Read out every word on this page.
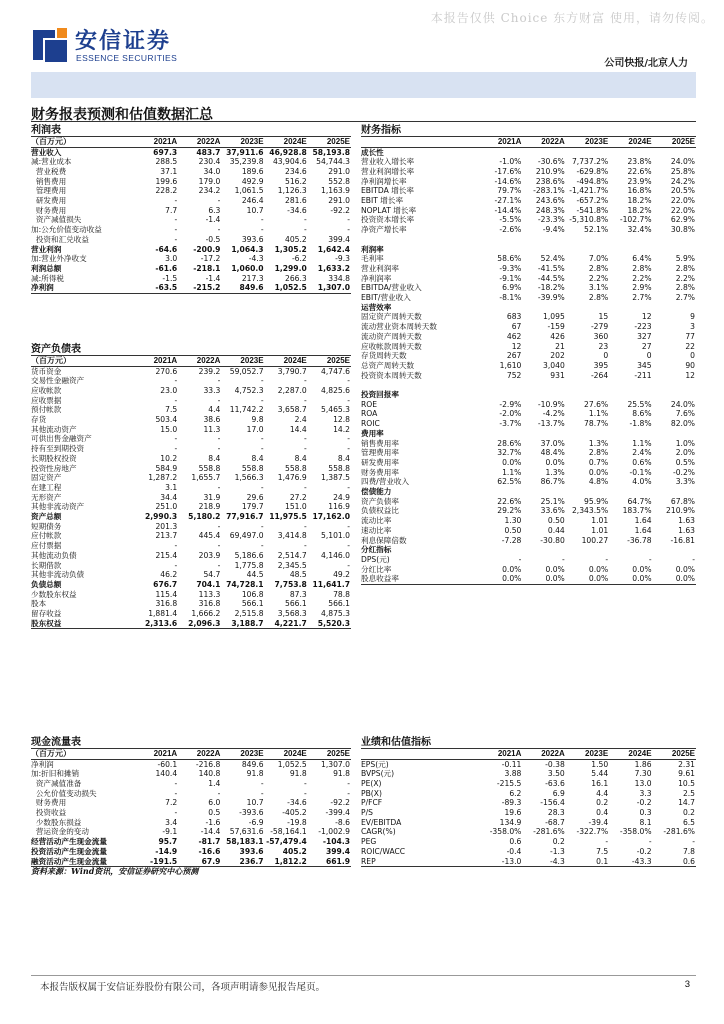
本报告仅供 Choice 东方财富 使用，请勿传阅。
安信证券
ESSENCE SECURITIES	公司快报/北京人力
财务报表预测和估值数据汇总
利润表					
（百万元）	2021A	2022A	2023E	2024E	2025E
营业收入	697.3	483.7	37,911.6	46,928.8	58,193.8
减:营业成本	288.5	230.4	35,239.8	43,904.6	54,744.3
营业税费	37.1	34.0	189.6	234.6	291.0
销售费用	199.6	179.0	492.9	516.2	552.8
管理费用	228.2	234.2	1,061.5	1,126.3	1,163.9
研发费用	-	-	246.4	281.6	291.0
财务费用	7.7	6.3	10.7	-34.6	-92.2
资产减值损失	-	-1.4	-	-	-
加:公允价值变动收益	-	-	-	-	-
投资和汇兑收益	-	-0.5	393.6	405.2	399.4
营业利润	-64.6	-200.9	1,064.3	1,305.2	1,642.4
加:营业外净收支	3.0	-17.2	-4.3	-6.2	-9.3
利润总额	-61.6	-218.1	1,060.0	1,299.0	1,633.2
减:所得税	-1.5	-1.4	217.3	266.3	334.8
净利润	-63.5	-215.2	849.6	1,052.5	1,307.0
资产负债表					
（百万元）	2021A	2022A	2023E	2024E	2025E
货币资金	270.6	239.2	59,052.7	3,790.7	4,747.6
交易性金融资产	-	-	-	-	-
应收帐款	23.0	33.3	4,752.3	2,287.0	4,825.6
应收票据	-	-	-	-	-
预付帐款	7.5	4.4	11,742.2	3,658.7	5,465.3
存货	503.4	38.6	9.8	2.4	12.8
其他流动资产	15.0	11.3	17.0	14.4	14.2
可供出售金融资产	-	-	-	-	-
持有至到期投资	-	-	-	-	-
长期股权投资	10.2	8.4	8.4	8.4	8.4
投资性房地产	584.9	558.8	558.8	558.8	558.8
固定资产	1,287.2	1,655.7	1,566.3	1,476.9	1,387.5
在建工程	3.1	-	-	-	-
无形资产	34.4	31.9	29.6	27.2	24.9
其他非流动资产	251.0	218.9	179.7	151.0	116.9
资产总额	2,990.3	5,180.2	77,916.7	11,975.5	17,162.0
短期债务	201.3	-	-	-	-
应付帐款	213.7	445.4	69,497.0	3,414.8	5,101.0
应付票据	-	-	-	-	-
其他流动负债	215.4	203.9	5,186.6	2,514.7	4,146.0
长期借款	-	-	1,775.8	2,345.5	-
其他非流动负债	46.2	54.7	44.5	48.5	49.2
负债总额	676.7	704.1	74,728.1	7,753.8	11,641.7
少数股东权益	115.4	113.3	106.8	87.3	78.8
股本	316.8	316.8	566.1	566.1	566.1
留存收益	1,881.4	1,666.2	2,515.8	3,568.3	4,875.3
股东权益	2,313.6	2,096.3	3,188.7	4,221.7	5,520.3
财务指标					
	2021A	2022A	2023E	2024E	2025E
成长性					
营业收入增长率	-1.0%	-30.6%	7,737.2%	23.8%	24.0%
营业利润增长率	-17.6%	210.9%	-629.8%	22.6%	25.8%
净利润增长率	-14.6%	238.6%	-494.8%	23.9%	24.2%
EBITDA 增长率	79.7%	-283.1%	-1,421.7%	16.8%	20.5%
EBIT 增长率	-27.1%	243.6%	-657.2%	18.2%	22.0%
NOPLAT 增长率	-14.4%	248.3%	-541.8%	18.2%	22.0%
投资资本增长率	-5.5%	-23.3%	-5,310.8%	-102.7%	62.9%
净资产增长率	-2.6%	-9.4%	52.1%	32.4%	30.8%

利润率					
毛利率	58.6%	52.4%	7.0%	6.4%	5.9%
营业利润率	-9.3%	-41.5%	2.8%	2.8%	2.8%
净利润率	-9.1%	-44.5%	2.2%	2.2%	2.2%
EBITDA/营业收入	6.9%	-18.2%	3.1%	2.9%	2.8%
EBIT/营业收入	-8.1%	-39.9%	2.8%	2.7%	2.7%
运营效率					
固定资产周转天数	683	1,095	15	12	9
流动营业资本周转天数	67	-159	-279	-223	3
流动资产周转天数	462	426	360	327	77
应收帐款周转天数	12	21	23	27	22
存货周转天数	267	202	0	0	0
总资产周转天数	1,610	3,040	395	345	90
投资资本周转天数	752	931	-264	-211	12

投资回报率					
ROE	-2.9%	-10.9%	27.6%	25.5%	24.0%
ROA	-2.0%	-4.2%	1.1%	8.6%	7.6%
ROIC	-3.7%	-13.7%	78.7%	-1.8%	82.0%
费用率					
销售费用率	28.6%	37.0%	1.3%	1.1%	1.0%
管理费用率	32.7%	48.4%	2.8%	2.4%	2.0%
研发费用率	0.0%	0.0%	0.7%	0.6%	0.5%
财务费用率	1.1%	1.3%	0.0%	-0.1%	-0.2%
四费/营业收入	62.5%	86.7%	4.8%	4.0%	3.3%
偿债能力					
资产负债率	22.6%	25.1%	95.9%	64.7%	67.8%
负债权益比	29.2%	33.6%	2,343.5%	183.7%	210.9%
流动比率	1.30	0.50	1.01	1.64	1.63
速动比率	0.50	0.44	1.01	1.64	1.63
利息保障倍数	-7.28	-30.80	100.27	-36.78	-16.81
分红指标					
DPS(元)	-	-	-	-	-
分红比率	0.0%	0.0%	0.0%	0.0%	0.0%
股息收益率	0.0%	0.0%	0.0%	0.0%	0.0%
现金流量表					
（百万元）	2021A	2022A	2023E	2024E	2025E
净利润	-60.1	-216.8	849.6	1,052.5	1,307.0
加:折旧和摊销	140.4	140.8	91.8	91.8	91.8
资产减值准备	-	1.4	-	-	-
公允价值变动损失	-	-	-	-	-
财务费用	7.2	6.0	10.7	-34.6	-92.2
投资收益	-	0.5	-393.6	-405.2	-399.4
少数股东损益	3.4	-1.6	-6.9	-19.8	-8.6
营运资金的变动	-9.1	-14.4	57,631.6	-58,164.1	-1,002.9
经营活动产生现金流量	95.7	-81.7	58,183.1	-57,479.4	-104.3
投资活动产生现金流量	-14.9	-16.6	393.6	405.2	399.4
融资活动产生现金流量	-191.5	67.9	236.7	1,812.2	661.9
业绩和估值指标					
	2021A	2022A	2023E	2024E	2025E
EPS(元)	-0.11	-0.38	1.50	1.86	2.31
BVPS(元)	3.88	3.50	5.44	7.30	9.61
PE(X)	-215.5	-63.6	16.1	13.0	10.5
PB(X)	6.2	6.9	4.4	3.3	2.5
P/FCF	-89.3	-156.4	0.2	-0.2	14.7
P/S	19.6	28.3	0.4	0.3	0.2
EV/EBITDA	134.9	-68.7	-39.4	8.1	6.5
CAGR(%)	-358.0%	-281.6%	-322.7%	-358.0%	-281.6%
PEG	0.6	0.2	-	-	-
ROIC/WACC	-0.4	-1.3	7.5	-0.2	7.8
REP	-13.0	-4.3	0.1	-43.3	0.6
资料来源：Wind资讯，安信证券研究中心预测
本报告版权属于安信证券股份有限公司，各项声明请参见报告尾页。	3
